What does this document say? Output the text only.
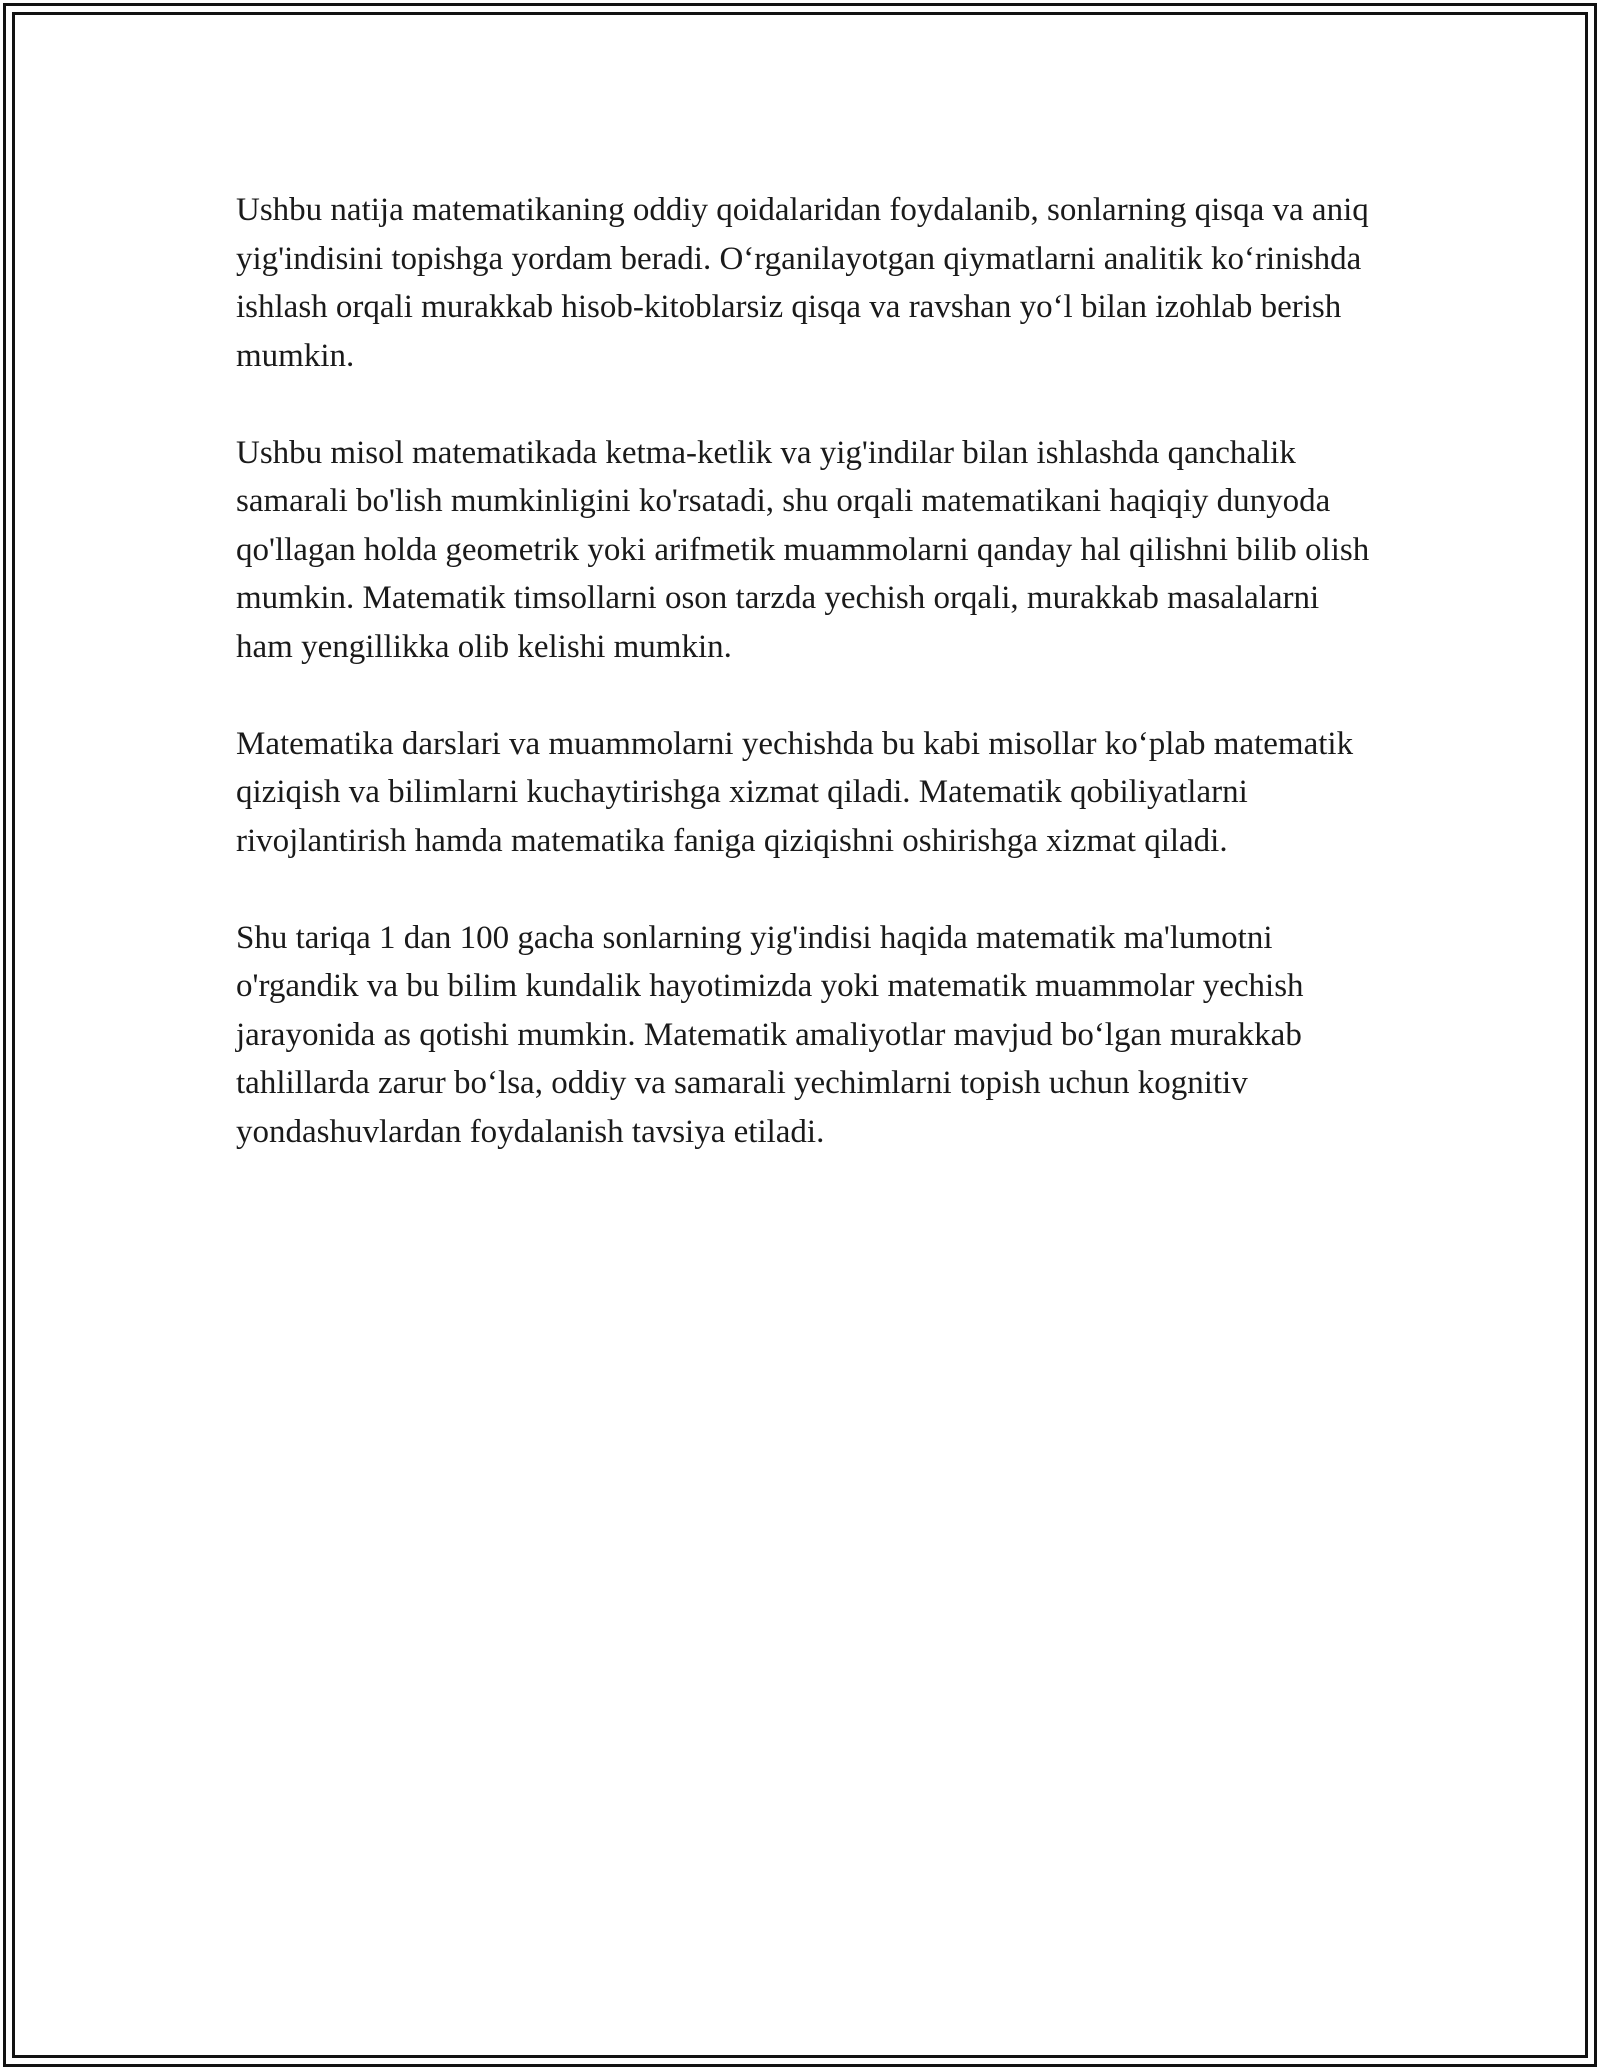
Ushbu natija matematikaning oddiy qoidalaridan foydalanib, sonlarning qisqa va aniq yig'indisini topishga yordam beradi. O‘rganilayotgan qiymatlarni analitik ko‘rinishda ishlash orqali murakkab hisob-kitoblarsiz qisqa va ravshan yo‘l bilan izohlab berish mumkin.

Ushbu misol matematikada ketma-ketlik va yig'indilar bilan ishlashda qanchalik samarali bo'lish mumkinligini ko'rsatadi, shu orqali matematikani haqiqiy dunyoda qo'llagan holda geometrik yoki arifmetik muammolarni qanday hal qilishni bilib olish mumkin. Matematik timsollarni oson tarzda yechish orqali, murakkab masalalarni ham yengillikka olib kelishi mumkin.

Matematika darslari va muammolarni yechishda bu kabi misollar ko‘plab matematik qiziqish va bilimlarni kuchaytirishga xizmat qiladi. Matematik qobiliyatlarni rivojlantirish hamda matematika faniga qiziqishni oshirishga xizmat qiladi.

Shu tariqa 1 dan 100 gacha sonlarning yig'indisi haqida matematik ma'lumotni o'rgandik va bu bilim kundalik hayotimizda yoki matematik muammolar yechish jarayonida as qotishi mumkin. Matematik amaliyotlar mavjud bo‘lgan murakkab tahlillarda zarur bo‘lsa, oddiy va samarali yechimlarni topish uchun kognitiv yondashuvlardan foydalanish tavsiya etiladi.
